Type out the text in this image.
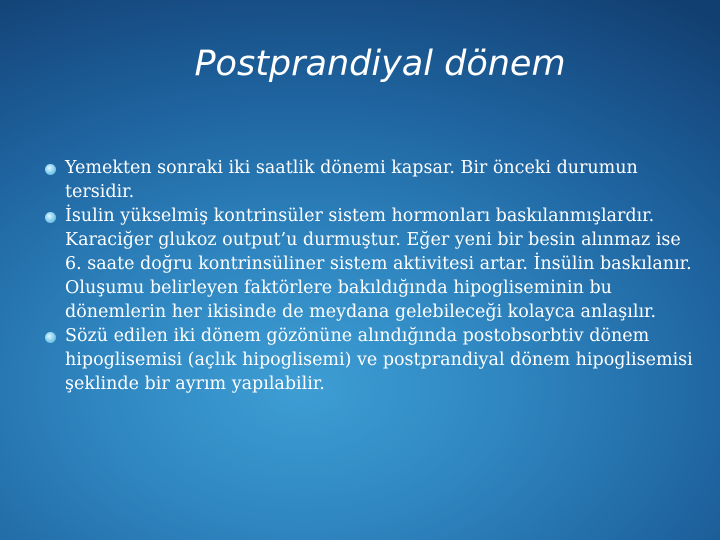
Postprandiyal dönem
Yemekten sonraki iki saatlik dönemi kapsar. Bir önceki durumun tersidir.
İsulin yükselmiş kontrinsüler sistem hormonları baskılanmışlardır. Karaciğer glukoz output’u durmuştur. Eğer yeni bir besin alınmaz ise 6. saate doğru kontrinsüliner sistem aktivitesi artar. İnsülin baskılanır. Oluşumu belirleyen faktörlere bakıldığında hipoglisemi̇nin bu dönemlerin her ikisinde de meydana gelebileceği kolayca anlaşılır.
Sözü edilen iki dönem gözönüne alındığında postobsorbtiv dönem hipoglisemisi (açlık hipoglisemi) ve postprandiyal dönem hipoglisemisi şeklinde bir ayrım yapılabilir.
